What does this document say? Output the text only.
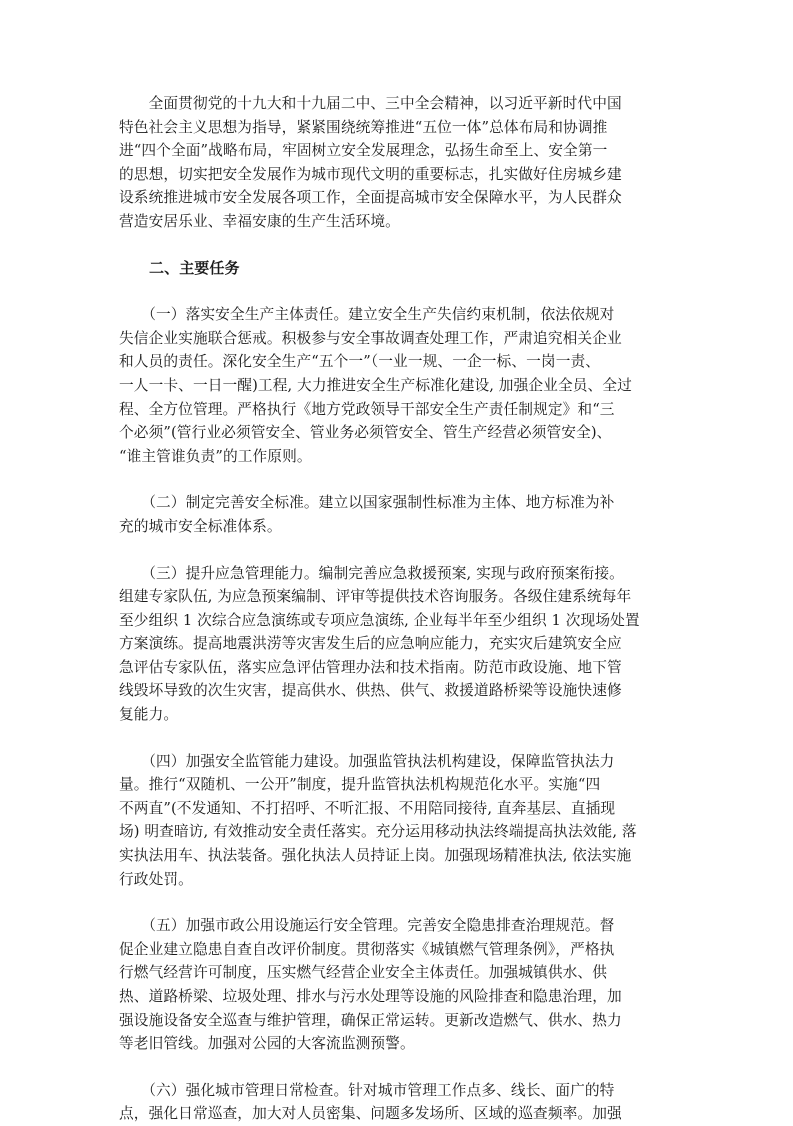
　　全面贯彻党的十九大和十九届二中、三中全会精神，以习近平新时代中国
特色社会主义思想为指导，紧紧围绕统筹推进“五位一体”总体布局和协调推
进“四个全面”战略布局，牢固树立安全发展理念，弘扬生命至上、安全第一
的思想，切实把安全发展作为城市现代文明的重要标志，扎实做好住房城乡建
设系统推进城市安全发展各项工作，全面提高城市安全保障水平，为人民群众
营造安居乐业、幸福安康的生产生活环境。
二、主要任务
　　（一）落实安全生产主体责任。建立安全生产失信约束机制，依法依规对
失信企业实施联合惩戒。积极参与安全事故调查处理工作，严肃追究相关企业
和人员的责任。深化安全生产“五个一”（一业一规、一企一标、一岗一责、
一人一卡、一日一醒)工程, 大力推进安全生产标准化建设, 加强企业全员、全过
程、全方位管理。严格执行《地方党政领导干部安全生产责任制规定》和“三
个必须”(管行业必须管安全、管业务必须管安全、管生产经营必须管安全)、
“谁主管谁负责”的工作原则。
　　（二）制定完善安全标准。建立以国家强制性标准为主体、地方标准为补
充的城市安全标准体系。
　　（三）提升应急管理能力。编制完善应急救援预案, 实现与政府预案衔接。
组建专家队伍, 为应急预案编制、评审等提供技术咨询服务。各级住建系统每年
至少组织 1 次综合应急演练或专项应急演练, 企业每半年至少组织 1 次现场处置
方案演练。提高地震洪涝等灾害发生后的应急响应能力，充实灾后建筑安全应
急评估专家队伍，落实应急评估管理办法和技术指南。防范市政设施、地下管
线毁坏导致的次生灾害，提高供水、供热、供气、救援道路桥梁等设施快速修
复能力。
　　（四）加强安全监管能力建设。加强监管执法机构建设，保障监管执法力
量。推行“双随机、一公开”制度，提升监管执法机构规范化水平。实施“四
不两直”(不发通知、不打招呼、不听汇报、不用陪同接待, 直奔基层、直插现
场) 明查暗访, 有效推动安全责任落实。充分运用移动执法终端提高执法效能, 落
实执法用车、执法装备。强化执法人员持证上岗。加强现场精准执法, 依法实施
行政处罚。
　　（五）加强市政公用设施运行安全管理。完善安全隐患排查治理规范。督
促企业建立隐患自查自改评价制度。贯彻落实《城镇燃气管理条例》，严格执
行燃气经营许可制度，压实燃气经营企业安全主体责任。加强城镇供水、供
热、道路桥梁、垃圾处理、排水与污水处理等设施的风险排查和隐患治理，加
强设施设备安全巡查与维护管理，确保正常运转。更新改造燃气、供水、热力
等老旧管线。加强对公园的大客流监测预警。
　　（六）强化城市管理日常检查。针对城市管理工作点多、线长、面广的特
点，强化日常巡查，加大对人员密集、问题多发场所、区域的巡查频率。加强
